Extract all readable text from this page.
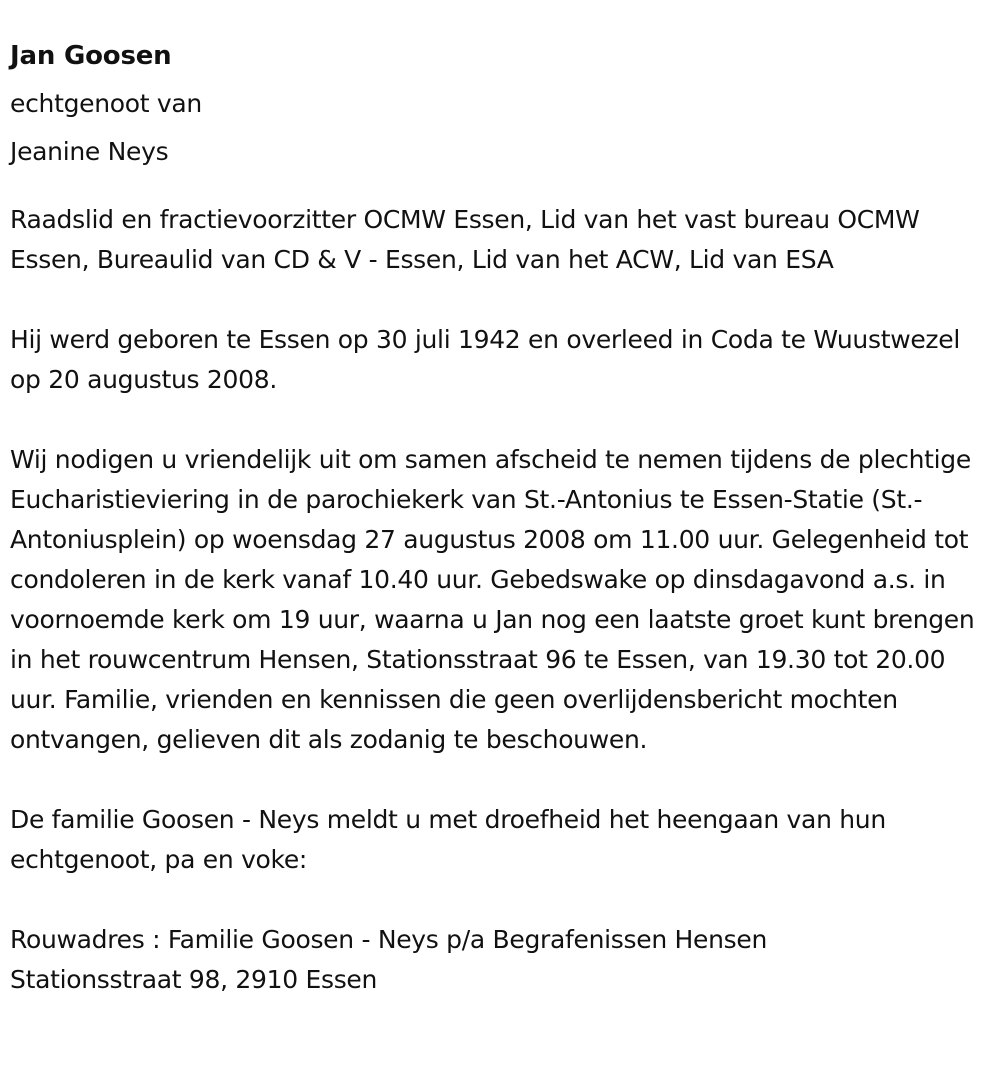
Jan Goosen

echtgenoot van

Jeanine Neys

Raadslid en fractievoorzitter OCMW Essen, Lid van het vast bureau OCMW Essen, Bureaulid van CD & V - Essen, Lid van het ACW, Lid van ESA

Hij werd geboren te Essen op 30 juli 1942 en overleed in Coda te Wuustwezel op 20 augustus 2008.

Wij nodigen u vriendelijk uit om samen afscheid te nemen tijdens de plechtige Eucharistieviering in de parochiekerk van St.-Antonius te Essen-Statie (St.-Antoniusplein) op woensdag 27 augustus 2008 om 11.00 uur. Gelegenheid tot condoleren in de kerk vanaf 10.40 uur. Gebedswake op dinsdagavond a.s. in voornoemde kerk om 19 uur, waarna u Jan nog een laatste groet kunt brengen in het rouwcentrum Hensen, Stationsstraat 96 te Essen, van 19.30 tot 20.00 uur. Familie, vrienden en kennissen die geen overlijdensbericht mochten ontvangen, gelieven dit als zodanig te beschouwen.

De familie Goosen - Neys meldt u met droefheid het heengaan van hun echtgenoot, pa en voke:

Rouwadres : Familie Goosen - Neys p/a Begrafenissen Hensen

Stationsstraat 98, 2910 Essen
